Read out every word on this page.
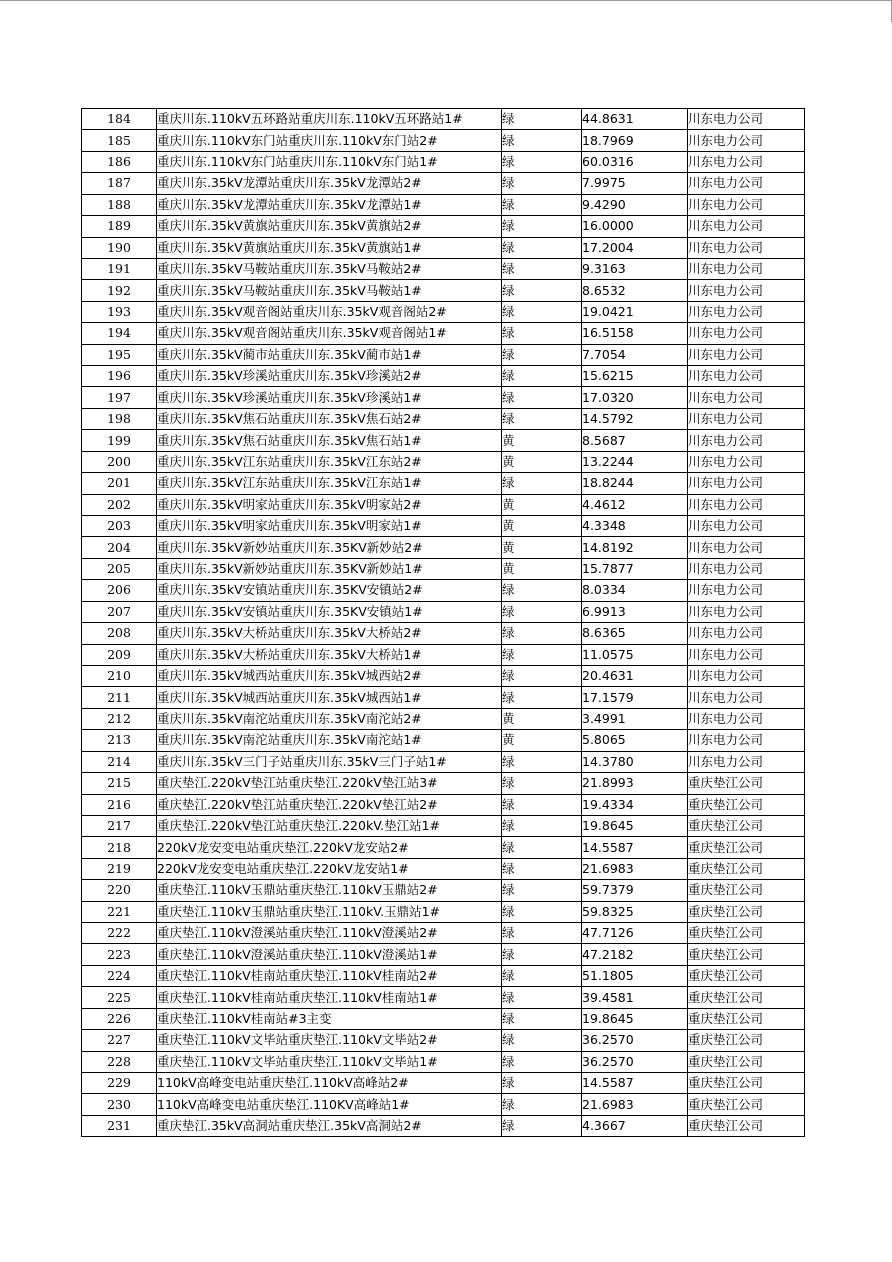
184	重庆川东.110kV五环路站重庆川东.110kV五环路站1#	绿	44.8631	川东电力公司
185	重庆川东.110kV东门站重庆川东.110kV东门站2#	绿	18.7969	川东电力公司
186	重庆川东.110kV东门站重庆川东.110kV东门站1#	绿	60.0316	川东电力公司
187	重庆川东.35kV龙潭站重庆川东.35kV龙潭站2#	绿	7.9975	川东电力公司
188	重庆川东.35kV龙潭站重庆川东.35kV龙潭站1#	绿	9.4290	川东电力公司
189	重庆川东.35kV黄旗站重庆川东.35kV黄旗站2#	绿	16.0000	川东电力公司
190	重庆川东.35kV黄旗站重庆川东.35kV黄旗站1#	绿	17.2004	川东电力公司
191	重庆川东.35kV马鞍站重庆川东.35kV马鞍站2#	绿	9.3163	川东电力公司
192	重庆川东.35kV马鞍站重庆川东.35kV马鞍站1#	绿	8.6532	川东电力公司
193	重庆川东.35kV观音阁站重庆川东.35kV观音阁站2#	绿	19.0421	川东电力公司
194	重庆川东.35kV观音阁站重庆川东.35kV观音阁站1#	绿	16.5158	川东电力公司
195	重庆川东.35kV蔺市站重庆川东.35kV蔺市站1#	绿	7.7054	川东电力公司
196	重庆川东.35kV珍溪站重庆川东.35kV珍溪站2#	绿	15.6215	川东电力公司
197	重庆川东.35kV珍溪站重庆川东.35kV珍溪站1#	绿	17.0320	川东电力公司
198	重庆川东.35kV焦石站重庆川东.35kV焦石站2#	绿	14.5792	川东电力公司
199	重庆川东.35kV焦石站重庆川东.35kV焦石站1#	黄	8.5687	川东电力公司
200	重庆川东.35kV江东站重庆川东.35kV江东站2#	黄	13.2244	川东电力公司
201	重庆川东.35kV江东站重庆川东.35kV江东站1#	绿	18.8244	川东电力公司
202	重庆川东.35kV明家站重庆川东.35kV明家站2#	黄	4.4612	川东电力公司
203	重庆川东.35kV明家站重庆川东.35kV明家站1#	黄	4.3348	川东电力公司
204	重庆川东.35kV新妙站重庆川东.35KV新妙站2#	黄	14.8192	川东电力公司
205	重庆川东.35kV新妙站重庆川东.35KV新妙站1#	黄	15.7877	川东电力公司
206	重庆川东.35kV安镇站重庆川东.35KV安镇站2#	绿	8.0334	川东电力公司
207	重庆川东.35kV安镇站重庆川东.35KV安镇站1#	绿	6.9913	川东电力公司
208	重庆川东.35kV大桥站重庆川东.35kV大桥站2#	绿	8.6365	川东电力公司
209	重庆川东.35kV大桥站重庆川东.35kV大桥站1#	绿	11.0575	川东电力公司
210	重庆川东.35kV城西站重庆川东.35kV城西站2#	绿	20.4631	川东电力公司
211	重庆川东.35kV城西站重庆川东.35kV城西站1#	绿	17.1579	川东电力公司
212	重庆川东.35kV南沱站重庆川东.35kV南沱站2#	黄	3.4991	川东电力公司
213	重庆川东.35kV南沱站重庆川东.35kV南沱站1#	黄	5.8065	川东电力公司
214	重庆川东.35kV三门子站重庆川东.35kV三门子站1#	绿	14.3780	川东电力公司
215	重庆垫江.220kV垫江站重庆垫江.220kV垫江站3#	绿	21.8993	重庆垫江公司
216	重庆垫江.220kV垫江站重庆垫江.220kV垫江站2#	绿	19.4334	重庆垫江公司
217	重庆垫江.220kV垫江站重庆垫江.220kV.垫江站1#	绿	19.8645	重庆垫江公司
218	220kV龙安变电站重庆垫江.220kV龙安站2#	绿	14.5587	重庆垫江公司
219	220kV龙安变电站重庆垫江.220kV龙安站1#	绿	21.6983	重庆垫江公司
220	重庆垫江.110kV玉鼎站重庆垫江.110kV玉鼎站2#	绿	59.7379	重庆垫江公司
221	重庆垫江.110kV玉鼎站重庆垫江.110kV.玉鼎站1#	绿	59.8325	重庆垫江公司
222	重庆垫江.110kV澄溪站重庆垫江.110kV澄溪站2#	绿	47.7126	重庆垫江公司
223	重庆垫江.110kV澄溪站重庆垫江.110kV澄溪站1#	绿	47.2182	重庆垫江公司
224	重庆垫江.110kV桂南站重庆垫江.110kV桂南站2#	绿	51.1805	重庆垫江公司
225	重庆垫江.110kV桂南站重庆垫江.110kV桂南站1#	绿	39.4581	重庆垫江公司
226	重庆垫江.110kV桂南站#3主变	绿	19.8645	重庆垫江公司
227	重庆垫江.110kV文毕站重庆垫江.110kV文毕站2#	绿	36.2570	重庆垫江公司
228	重庆垫江.110kV文毕站重庆垫江.110kV文毕站1#	绿	36.2570	重庆垫江公司
229	110kV高峰变电站重庆垫江.110kV高峰站2#	绿	14.5587	重庆垫江公司
230	110kV高峰变电站重庆垫江.110KV高峰站1#	绿	21.6983	重庆垫江公司
231	重庆垫江.35kV高洞站重庆垫江.35kV高洞站2#	绿	4.3667	重庆垫江公司
